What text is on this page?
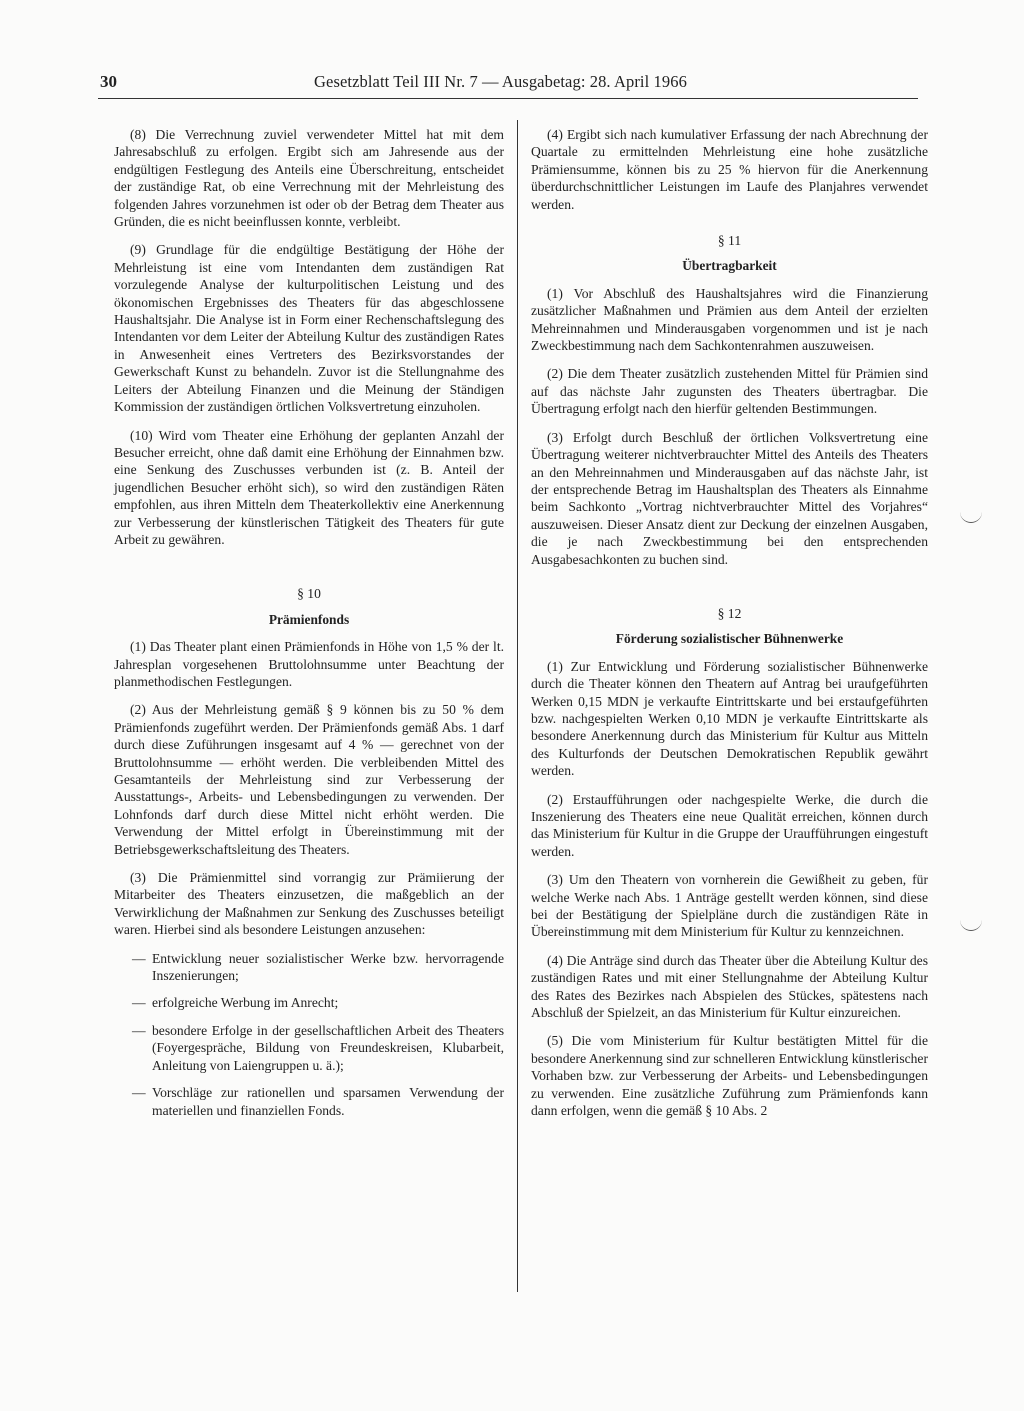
30	Gesetzblatt Teil III Nr. 7 — Ausgabetag: 28. April 1966

(8) Die Verrechnung zuviel verwendeter Mittel hat mit dem Jahresabschluß zu erfolgen. Ergibt sich am Jahresende aus der endgültigen Festlegung des Anteils eine Überschreitung, entscheidet der zuständige Rat, ob eine Verrechnung mit der Mehrleistung des folgenden Jahres vorzunehmen ist oder ob der Betrag dem Theater aus Gründen, die es nicht beeinflussen konnte, verbleibt.

(9) Grundlage für die endgültige Bestätigung der Höhe der Mehrleistung ist eine vom Intendanten dem zuständigen Rat vorzulegende Analyse der kulturpolitischen Leistung und des ökonomischen Ergebnisses des Theaters für das abgeschlossene Haushaltsjahr. Die Analyse ist in Form einer Rechenschaftslegung des Intendanten vor dem Leiter der Abteilung Kultur des zuständigen Rates in Anwesenheit eines Vertreters des Bezirksvorstandes der Gewerkschaft Kunst zu behandeln. Zuvor ist die Stellungnahme des Leiters der Abteilung Finanzen und die Meinung der Ständigen Kommission der zuständigen örtlichen Volksvertretung einzuholen.

(10) Wird vom Theater eine Erhöhung der geplanten Anzahl der Besucher erreicht, ohne daß damit eine Erhöhung der Einnahmen bzw. eine Senkung des Zuschusses verbunden ist (z. B. Anteil der jugendlichen Besucher erhöht sich), so wird den zuständigen Räten empfohlen, aus ihren Mitteln dem Theaterkollektiv eine Anerkennung zur Verbesserung der künstlerischen Tätigkeit des Theaters für gute Arbeit zu gewähren.

§ 10
Prämienfonds

(1) Das Theater plant einen Prämienfonds in Höhe von 1,5 % der lt. Jahresplan vorgesehenen Bruttolohnsumme unter Beachtung der planmethodischen Festlegungen.

(2) Aus der Mehrleistung gemäß § 9 können bis zu 50 % dem Prämienfonds zugeführt werden. Der Prämienfonds gemäß Abs. 1 darf durch diese Zuführungen insgesamt auf 4 % — gerechnet von der Bruttolohnsumme — erhöht werden. Die verbleibenden Mittel des Gesamtanteils der Mehrleistung sind zur Verbesserung der Ausstattungs-, Arbeits- und Lebensbedingungen zu verwenden. Der Lohnfonds darf durch diese Mittel nicht erhöht werden. Die Verwendung der Mittel erfolgt in Übereinstimmung mit der Betriebsgewerkschaftsleitung des Theaters.

(3) Die Prämienmittel sind vorrangig zur Prämiierung der Mitarbeiter des Theaters einzusetzen, die maßgeblich an der Verwirklichung der Maßnahmen zur Senkung des Zuschusses beteiligt waren. Hierbei sind als besondere Leistungen anzusehen:

— Entwicklung neuer sozialistischer Werke bzw. hervorragende Inszenierungen;
— erfolgreiche Werbung im Anrecht;
— besondere Erfolge in der gesellschaftlichen Arbeit des Theaters (Foyergespräche, Bildung von Freundeskreisen, Klubarbeit, Anleitung von Laiengruppen u. ä.);
— Vorschläge zur rationellen und sparsamen Verwendung der materiellen und finanziellen Fonds.

(4) Ergibt sich nach kumulativer Erfassung der nach Abrechnung der Quartale zu ermittelnden Mehrleistung eine hohe zusätzliche Prämiensumme, können bis zu 25 % hiervon für die Anerkennung überdurchschnittlicher Leistungen im Laufe des Planjahres verwendet werden.

§ 11
Übertragbarkeit

(1) Vor Abschluß des Haushaltsjahres wird die Finanzierung zusätzlicher Maßnahmen und Prämien aus dem Anteil der erzielten Mehreinnahmen und Minderausgaben vorgenommen und ist je nach Zweckbestimmung nach dem Sachkontenrahmen auszuweisen.

(2) Die dem Theater zusätzlich zustehenden Mittel für Prämien sind auf das nächste Jahr zugunsten des Theaters übertragbar. Die Übertragung erfolgt nach den hierfür geltenden Bestimmungen.

(3) Erfolgt durch Beschluß der örtlichen Volksvertretung eine Übertragung weiterer nichtverbrauchter Mittel des Anteils des Theaters an den Mehreinnahmen und Minderausgaben auf das nächste Jahr, ist der entsprechende Betrag im Haushaltsplan des Theaters als Einnahme beim Sachkonto „Vortrag nichtverbrauchter Mittel des Vorjahres“ auszuweisen. Dieser Ansatz dient zur Deckung der einzelnen Ausgaben, die je nach Zweckbestimmung bei den entsprechenden Ausgabesachkonten zu buchen sind.

§ 12
Förderung sozialistischer Bühnenwerke

(1) Zur Entwicklung und Förderung sozialistischer Bühnenwerke durch die Theater können den Theatern auf Antrag bei uraufgeführten Werken 0,15 MDN je verkaufte Eintrittskarte und bei erstaufgeführten bzw. nachgespielten Werken 0,10 MDN je verkaufte Eintrittskarte als besondere Anerkennung durch das Ministerium für Kultur aus Mitteln des Kulturfonds der Deutschen Demokratischen Republik gewährt werden.

(2) Erstaufführungen oder nachgespielte Werke, die durch die Inszenierung des Theaters eine neue Qualität erreichen, können durch das Ministerium für Kultur in die Gruppe der Uraufführungen eingestuft werden.

(3) Um den Theatern von vornherein die Gewißheit zu geben, für welche Werke nach Abs. 1 Anträge gestellt werden können, sind diese bei der Bestätigung der Spielpläne durch die zuständigen Räte in Übereinstimmung mit dem Ministerium für Kultur zu kennzeichnen.

(4) Die Anträge sind durch das Theater über die Abteilung Kultur des zuständigen Rates und mit einer Stellungnahme der Abteilung Kultur des Rates des Bezirkes nach Abspielen des Stückes, spätestens nach Abschluß der Spielzeit, an das Ministerium für Kultur einzureichen.

(5) Die vom Ministerium für Kultur bestätigten Mittel für die besondere Anerkennung sind zur schnelleren Entwicklung künstlerischer Vorhaben bzw. zur Verbesserung der Arbeits- und Lebensbedingungen zu verwenden. Eine zusätzliche Zuführung zum Prämienfonds kann dann erfolgen, wenn die gemäß § 10 Abs. 2
